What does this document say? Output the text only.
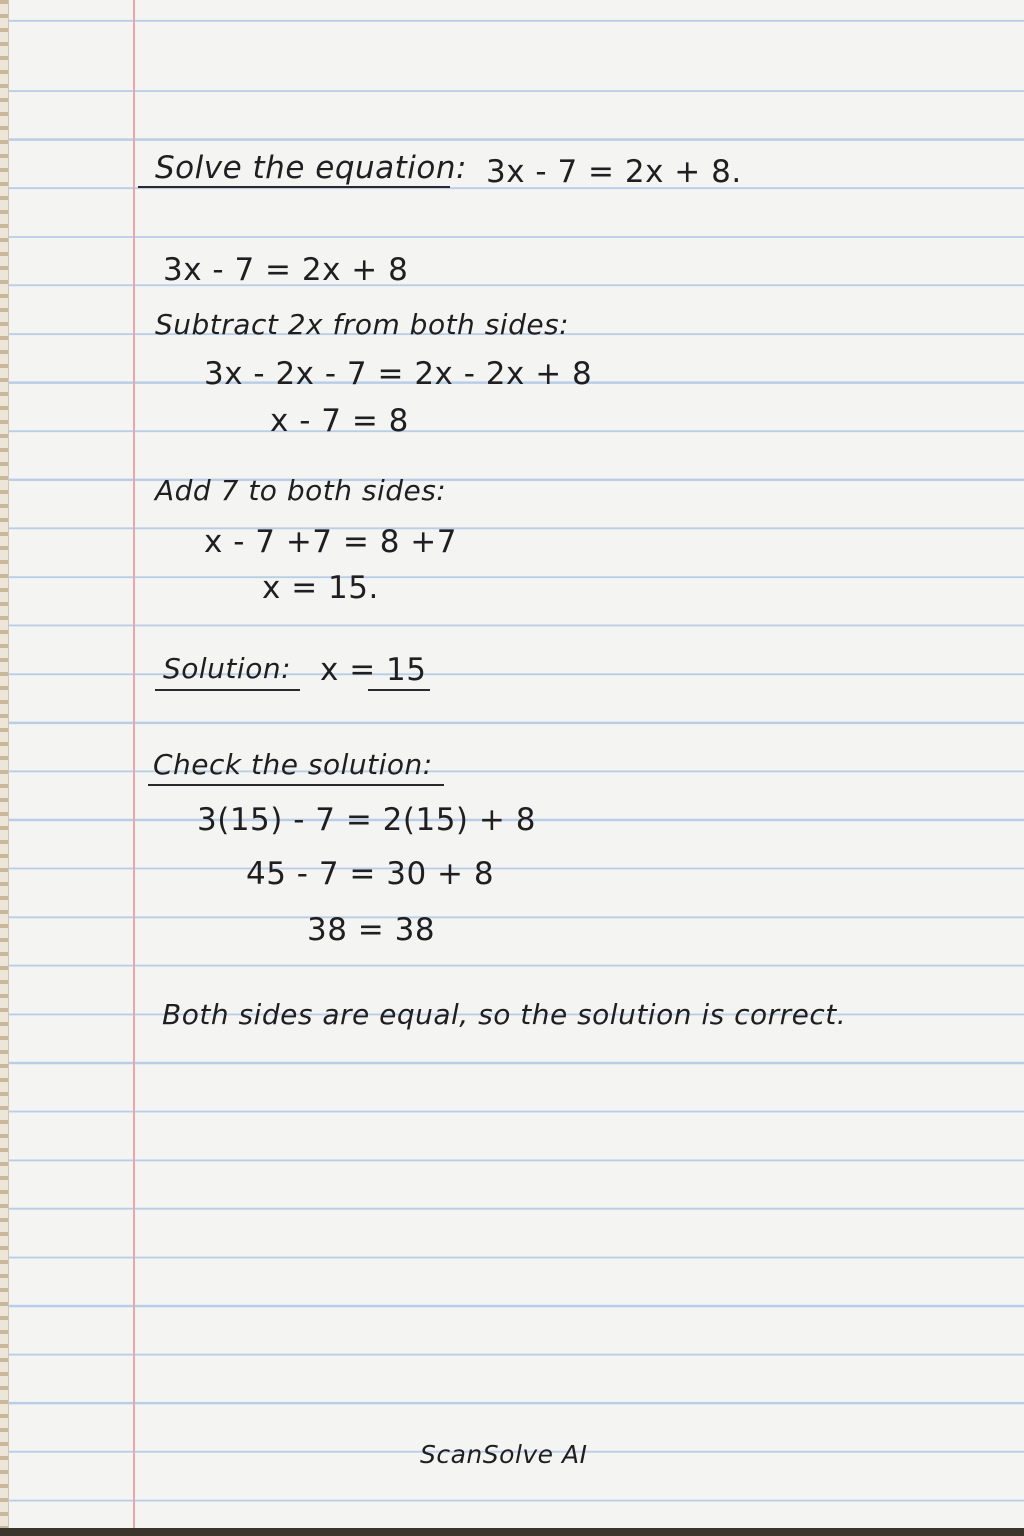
Solve the equation: 3x - 7 = 2x + 8.
3x - 7 = 2x + 8
Subtract 2x from both sides:
3x - 2x - 7 = 2x - 2x + 8
x - 7 = 8
Add 7 to both sides:
x - 7 +7 = 8 +7
x = 15.
Solution: x = 15
Check the solution:
3(15) - 7 = 2(15) + 8
45 - 7 = 30 + 8
38 = 38
Both sides are equal, so the solution is correct.
ScanSolve AI
